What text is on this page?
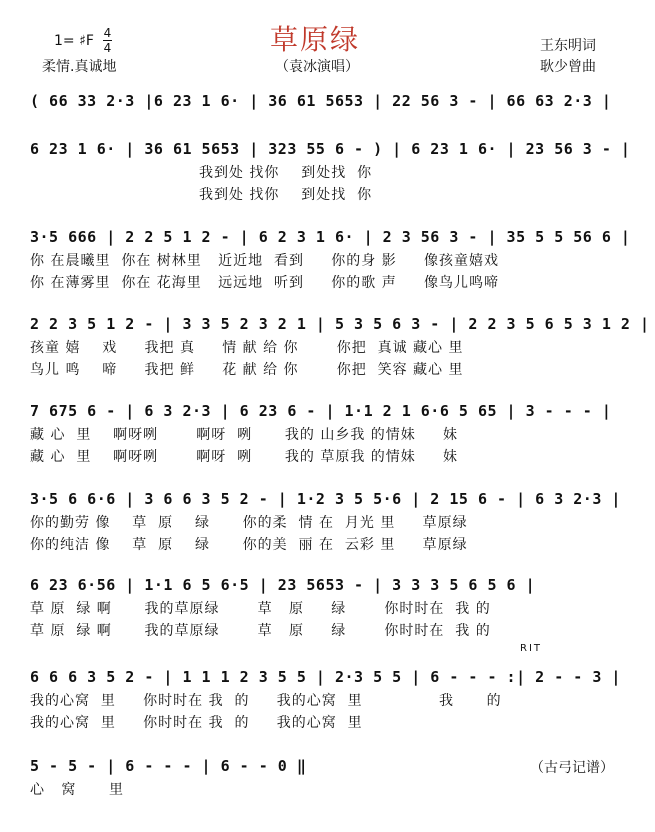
1= ♯F 4
4	草原绿	王东明词
柔情.真诚地	（袁冰演唱）	耿少曾曲
( 66 33 2·3 |6 23 1 6· | 36 61 5653 | 22 56 3 - | 66 63 2·3 |
6 23 1 6· | 36 61 5653 | 323 55 6 - ) | 6 23 1 6· | 23 56 3 - |
我到处 找你    到处找  你
我到处 找你    到处找  你
3·5 666 | 2 2 5 1 2 - | 6 2 3 1 6· | 2 3 56 3 - | 35 5 5 56 6 |
你 在晨曦里  你在 树林里   近近地  看到     你的身 影     像孩童嬉戏
你 在薄雾里  你在 花海里   远远地  听到     你的歌 声     像鸟儿鸣啼
2 2 3 5 1 2 - | 3 3 5 2 3 2 1 | 5 3 5 6 3 - | 2 2 3 5 6 5 3 1 2 |
孩童 嬉    戏     我把 真     情 献 给 你       你把  真诚 藏心 里
鸟儿 鸣    啼     我把 鲜     花 献 给 你       你把  笑容 藏心 里
7 675 6 - | 6 3 2·3 | 6 23 6 - | 1·1 2 1 6·6 5 65 | 3 - - - |
藏 心  里    啊呀咧       啊呀  咧      我的 山乡我 的情妹     妹
藏 心  里    啊呀咧       啊呀  咧      我的 草原我 的情妹     妹
3·5 6 6·6 | 3 6 6 3 5 2 - | 1·2 3 5 5·6 | 2 15 6 - | 6 3 2·3 |
你的勤劳 像    草  原    绿      你的柔  情 在  月光 里     草原绿
你的纯洁 像    草  原    绿      你的美  丽 在  云彩 里     草原绿
6 23 6·56 | 1·1 6 5 6·5 | 23 5653 - | 3 3 3 5 6 5 6 |
草 原  绿 啊      我的草原绿       草   原     绿       你时时在  我 的
草 原  绿 啊      我的草原绿       草   原     绿       你时时在  我 的
RIT
6 6 6 3 5 2 - | 1 1 1 2 3 5 5 | 2·3 5 5 | 6 - - - :| 2 - - 3 |
我的心窝  里     你时时在 我  的     我的心窝  里              我      的
我的心窝  里     你时时在 我  的     我的心窝  里
5 - 5 - | 6 - - - | 6 - - 0 ‖
心   窝      里
（古弓记谱）
